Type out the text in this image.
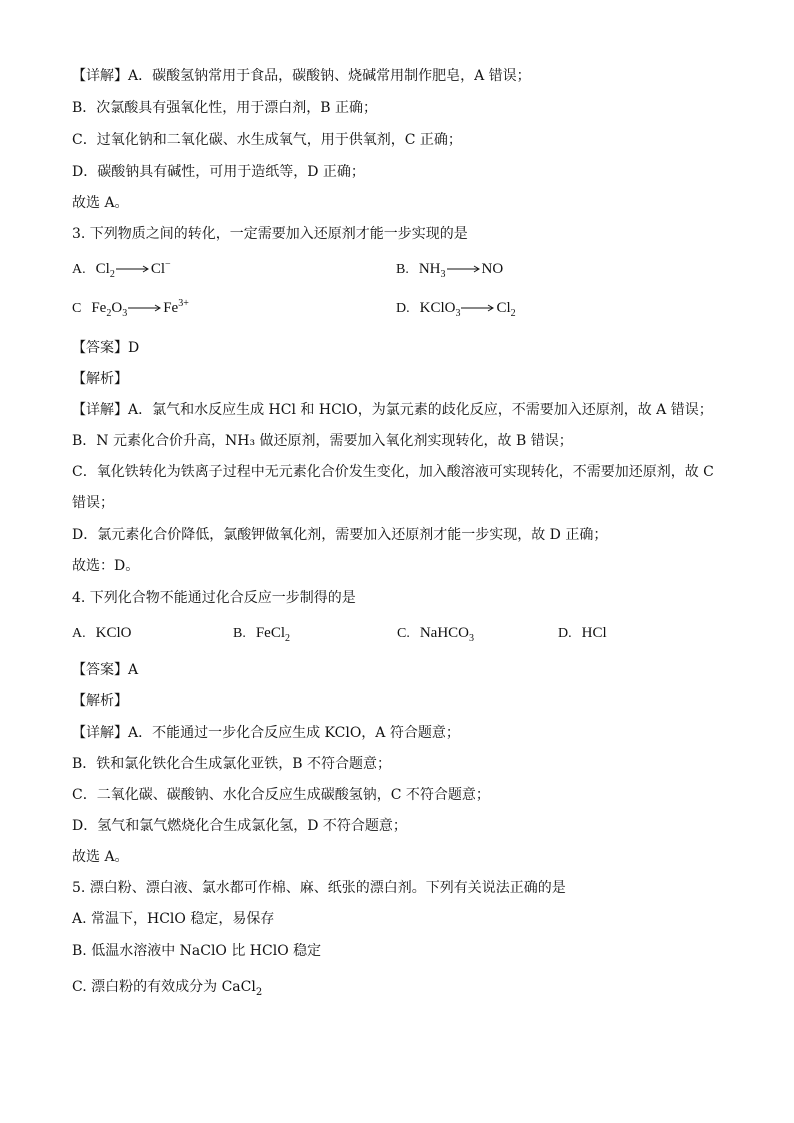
【详解】A．碳酸氢钠常用于食品，碳酸钠、烧碱常用制作肥皂，A 错误；
B．次氯酸具有强氧化性，用于漂白剂，B 正确；
C．过氧化钠和二氧化碳、水生成氧气，用于供氧剂，C 正确；
D．碳酸钠具有碱性，可用于造纸等，D 正确；
故选 A。
3. 下列物质之间的转化，一定需要加入还原剂才能一步实现的是
A. $Cl_2 \to Cl^-$	B. $NH_3 \to NO$
C $Fe_2O_3 \to Fe^{3+}$	D. KClO$_3$ $\to Cl_2$
【答案】D
【解析】
【详解】A．氯气和水反应生成 HCl 和 HClO，为氯元素的歧化反应，不需要加入还原剂，故 A 错误；
B．N 元素化合价升高，NH₃ 做还原剂，需要加入氧化剂实现转化，故 B 错误；
C．氧化铁转化为铁离子过程中无元素化合价发生变化，加入酸溶液可实现转化，不需要加还原剂，故 C
错误；
D．氯元素化合价降低，氯酸钾做氧化剂，需要加入还原剂才能一步实现，故 D 正确；
故选：D。
4. 下列化合物不能通过化合反应一步制得的是
A. KClO	B. FeCl$_2$	C. NaHCO$_3$	D. HCl
【答案】A
【解析】
【详解】A．不能通过一步化合反应生成 KClO，A 符合题意；
B．铁和氯化铁化合生成氯化亚铁，B 不符合题意；
C．二氧化碳、碳酸钠、水化合反应生成碳酸氢钠，C 不符合题意；
D．氢气和氯气燃烧化合生成氯化氢，D 不符合题意；
故选 A。
5. 漂白粉、漂白液、氯水都可作棉、麻、纸张的漂白剂。下列有关说法正确的是
A. 常温下，HClO 稳定，易保存
B. 低温水溶液中 NaClO 比 HClO 稳定
C. 漂白粉的有效成分为 CaCl$_2$
